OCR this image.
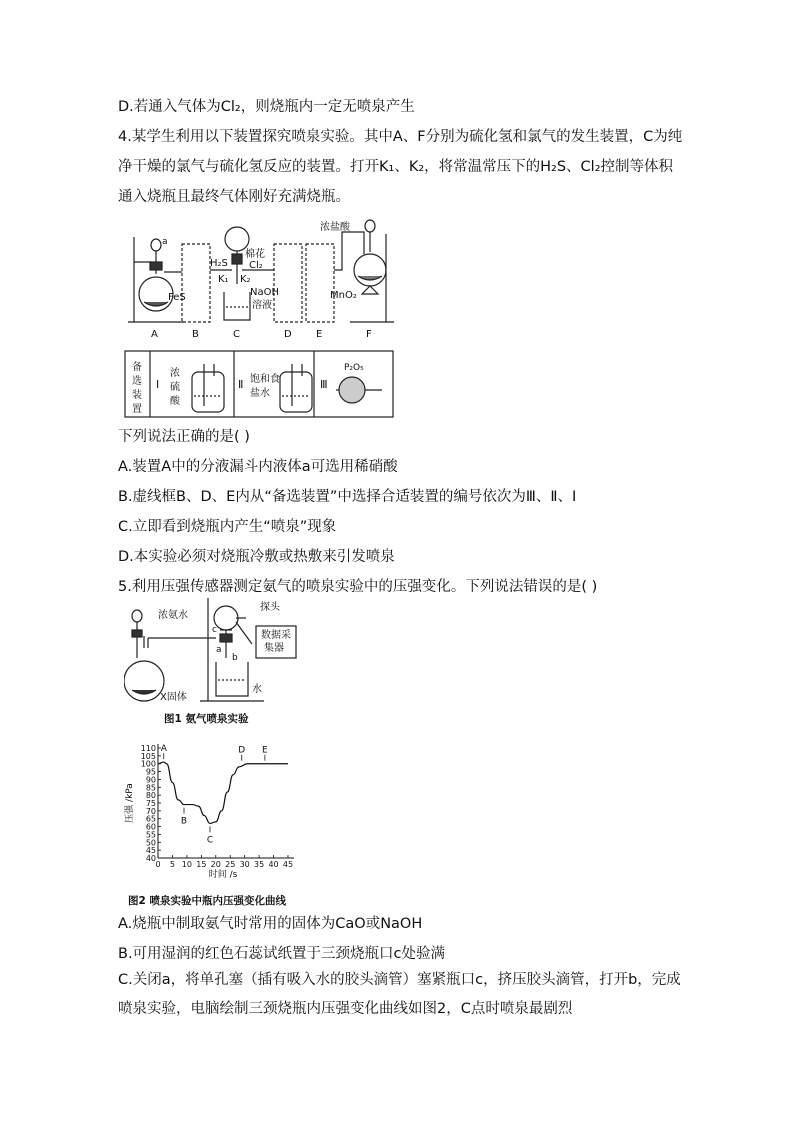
D.若通入气体为Cl₂，则烧瓶内一定无喷泉产生
4.某学生利用以下装置探究喷泉实验。其中A、F分别为硫化氢和氯气的发生装置，C为纯
净干燥的氯气与硫化氢反应的装置。打开K₁、K₂，将常温常压下的H₂S、Cl₂控制等体积
通入烧瓶且最终气体刚好充满烧瓶。
a
FeS
H₂S
棉花
Cl₂
K₁ K₂
NaOH
溶液
浓盐酸
MnO₂
A	B	C	D E	F
备
选
装
置
Ⅰ
浓
硫
酸
Ⅱ 饱和食
盐水
Ⅲ
P₂O₅
下列说法正确的是( )
A.装置A中的分液漏斗内液体a可选用稀硝酸
B.虚线框B、D、E内从“备选装置”中选择合适装置的编号依次为Ⅲ、Ⅱ、Ⅰ
C.立即看到烧瓶内产生“喷泉”现象
D.本实验必须对烧瓶冷敷或热敷来引发喷泉
5.利用压强传感器测定氨气的喷泉实验中的压强变化。下列说法错误的是( )
浓氨水
探头
c
a
b
数据采
集器
水
X固体
图1 氨气喷泉实验
40
45
50
55
60
65
70
75
80
85
90
95
100
105
110
5 10 15 20 25 30 35 40 45
0
时间 /s
压强 /kPa
A
B
C
D E
图2 喷泉实验中瓶内压强变化曲线
A.烧瓶中制取氨气时常用的固体为CaO或NaOH
B.可用湿润的红色石蕊试纸置于三颈烧瓶口c处验满
C.关闭a，将单孔塞（插有吸入水的胶头滴管）塞紧瓶口c，挤压胶头滴管，打开b，完成
喷泉实验，电脑绘制三颈烧瓶内压强变化曲线如图2，C点时喷泉最剧烈
